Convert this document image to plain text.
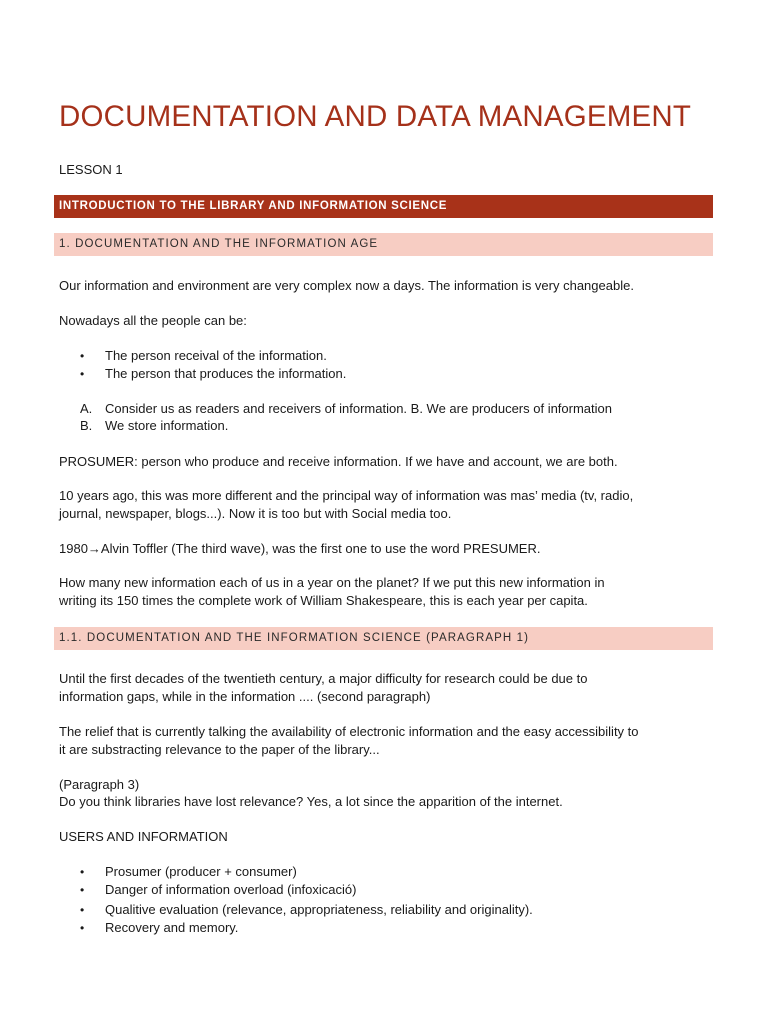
DOCUMENTATION AND DATA MANAGEMENT
LESSON 1
INTRODUCTION TO THE LIBRARY AND INFORMATION SCIENCE
1. DOCUMENTATION AND THE INFORMATION AGE
Our information and environment are very complex now a days. The information is very changeable.
Nowadays all the people can be:
• The person receival of the information.
• The person that produces the information.
A. Consider us as readers and receivers of information. B. We are producers of information
B. We store information.
PROSUMER: person who produce and receive information. If we have and account, we are both.
10 years ago, this was more different and the principal way of information was mas’ media (tv, radio,
journal, newspaper, blogs...). Now it is too but with Social media too.
1980→Alvin Toffler (The third wave), was the first one to use the word PRESUMER.
How many new information each of us in a year on the planet? If we put this new information in
writing its 150 times the complete work of William Shakespeare, this is each year per capita.
1.1. DOCUMENTATION AND THE INFORMATION SCIENCE (PARAGRAPH 1)
Until the first decades of the twentieth century, a major difficulty for research could be due to
information gaps, while in the information .... (second paragraph)
The relief that is currently talking the availability of electronic information and the easy accessibility to
it are substracting relevance to the paper of the library...
(Paragraph 3)
Do you think libraries have lost relevance? Yes, a lot since the apparition of the internet.
USERS AND INFORMATION
• Prosumer (producer + consumer)
• Danger of information overload (infoxicació)
• Qualitive evaluation (relevance, appropriateness, reliability and originality).
• Recovery and memory.
